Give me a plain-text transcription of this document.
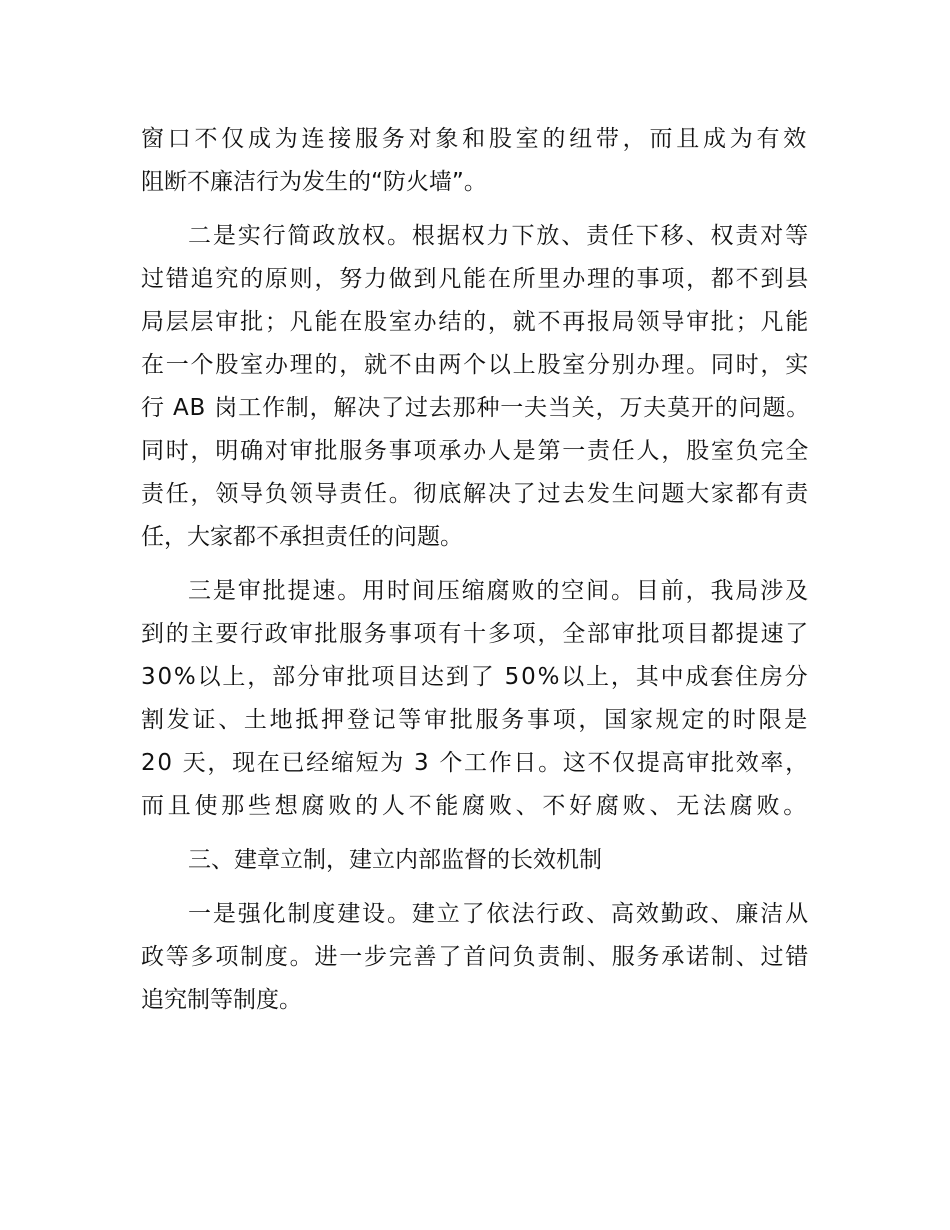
窗口不仅成为连接服务对象和股室的纽带，而且成为有效

阻断不廉洁行为发生的“防火墙”。

二是实行简政放权。根据权力下放、责任下移、权责对等

过错追究的原则，努力做到凡能在所里办理的事项，都不到县

局层层审批；凡能在股室办结的，就不再报局领导审批；凡能

在一个股室办理的，就不由两个以上股室分别办理。同时，实

行 AB 岗工作制，解决了过去那种一夫当关，万夫莫开的问题。

同时，明确对审批服务事项承办人是第一责任人，股室负完全

责任，领导负领导责任。彻底解决了过去发生问题大家都有责

任，大家都不承担责任的问题。

三是审批提速。用时间压缩腐败的空间。目前，我局涉及

到的主要行政审批服务事项有十多项，全部审批项目都提速了

30%以上，部分审批项目达到了 50%以上，其中成套住房分

割发证、土地抵押登记等审批服务事项，国家规定的时限是

20 天，现在已经缩短为 3 个工作日。这不仅提高审批效率，

而且使那些想腐败的人不能腐败、不好腐败、无法腐败。

三、建章立制，建立内部监督的长效机制

一是强化制度建设。建立了依法行政、高效勤政、廉洁从

政等多项制度。进一步完善了首问负责制、服务承诺制、过错

追究制等制度。
